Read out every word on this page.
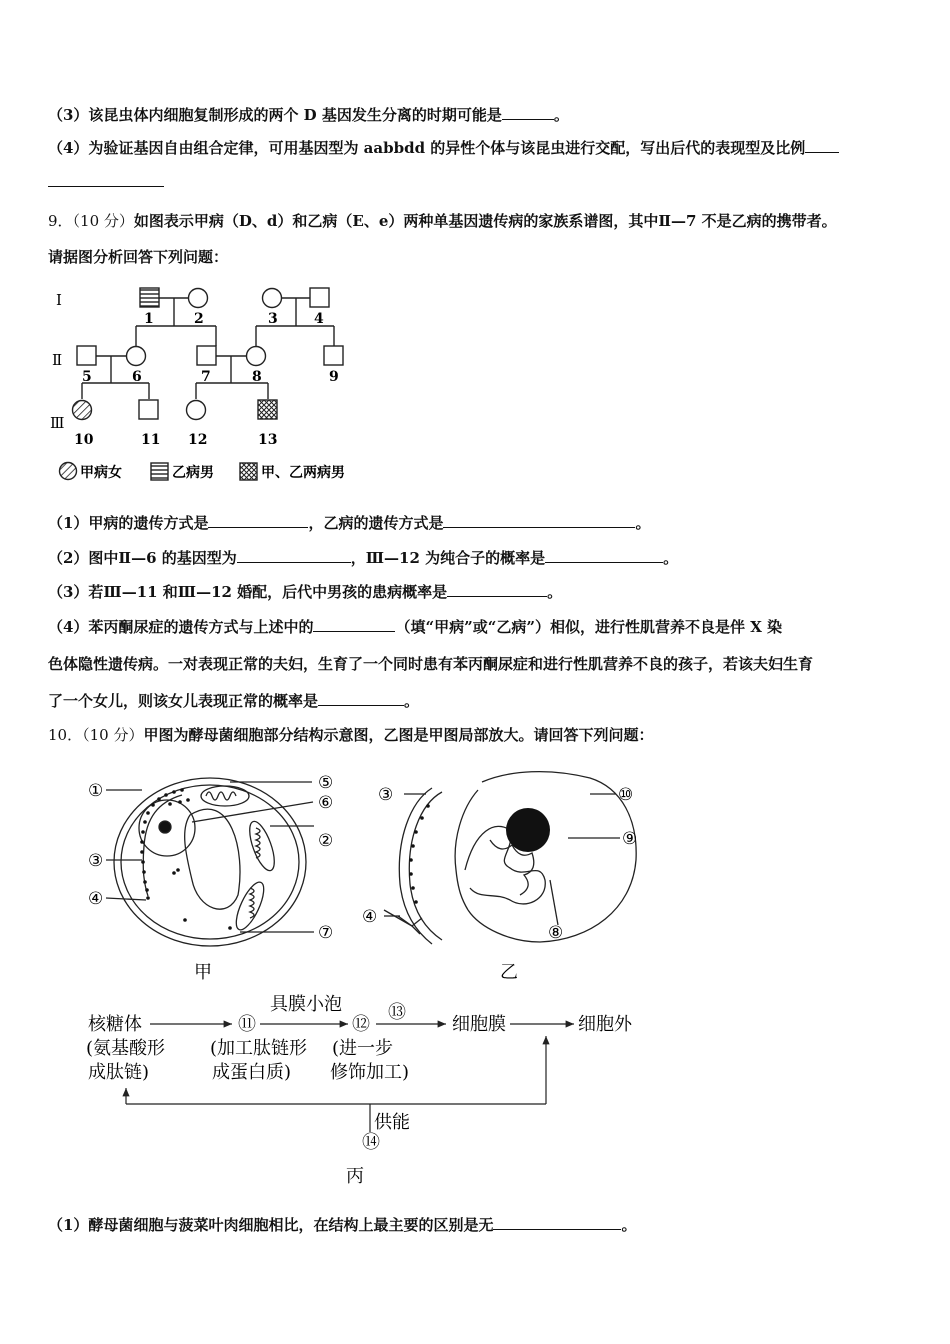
（3）该昆虫体内细胞复制形成的两个 D 基因发生分离的时期可能是	。
（4）为验证基因自由组合定律，可用基因型为 aabbdd 的异性个体与该昆虫进行交配，写出后代的表现型及比例
9．（10 分）如图表示甲病（D、d）和乙病（E、e）两种单基因遗传病的家族系谱图，其中Ⅱ—7 不是乙病的携带者。
请据图分析回答下列问题：
Ⅰ
Ⅱ
Ⅲ
1	2	3	4
5	6	7	8	9
10	11 12	13
甲病女	乙病男	甲、乙两病男
（1）甲病的遗传方式是	，乙病的遗传方式是	。
（2）图中Ⅱ—6 的基因型为	，Ⅲ—12 为纯合子的概率是	。
（3）若Ⅲ—11 和Ⅲ—12 婚配，后代中男孩的患病概率是	。
（4）苯丙酮尿症的遗传方式与上述中的	（填“甲病”或“乙病”）相似，进行性肌营养不良是伴 X 染
色体隐性遗传病。一对表现正常的夫妇，生育了一个同时患有苯丙酮尿症和进行性肌营养不良的孩子，若该夫妇生育
了一个女儿，则该女儿表现正常的概率是	。
10．（10 分）甲图为酵母菌细胞部分结构示意图，乙图是甲图局部放大。请回答下列问题：
①
②
③
④
⑤
⑥
⑦
③
④
⑧
⑨
⑩
甲	乙
核糖体
(氨基酸形
成肽链)
⑪
(加工肽链形
成蛋白质)
具膜小泡
⑫
(进一步
修饰加工)
⑬
细胞膜	细胞外
供能
⑭
丙
（1）酵母菌细胞与菠菜叶肉细胞相比，在结构上最主要的区别是无	。
